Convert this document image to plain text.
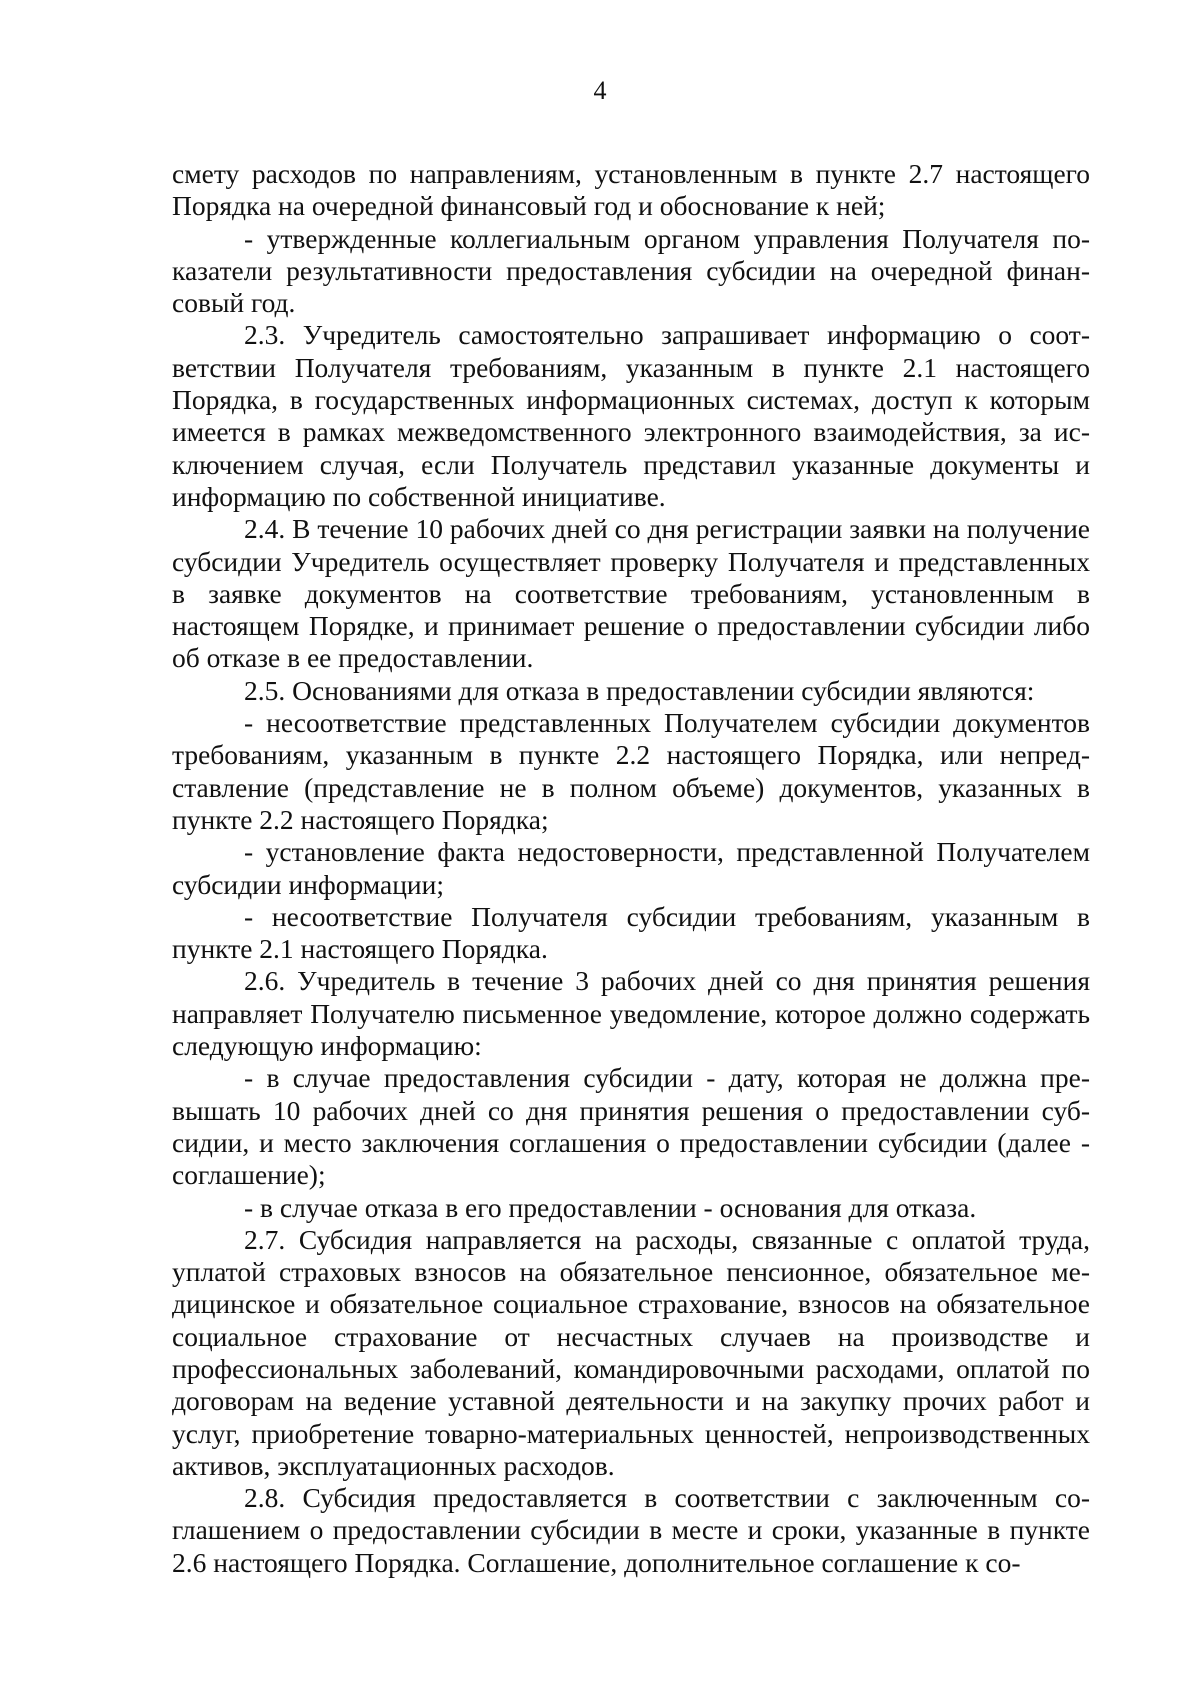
4

смету расходов по направлениям, установленным в пункте 2.7 настоящего Порядка на очередной финансовый год и обоснование к ней;

- утвержденные коллегиальным органом управления Получателя показатели результативности предоставления субсидии на очередной финансовый год.

2.3. Учредитель самостоятельно запрашивает информацию о соответствии Получателя требованиям, указанным в пункте 2.1 настоящего Порядка, в государственных информационных системах, доступ к которым имеется в рамках межведомственного электронного взаимодействия, за исключением случая, если Получатель представил указанные документы и информацию по собственной инициативе.

2.4. В течение 10 рабочих дней со дня регистрации заявки на получение субсидии Учредитель осуществляет проверку Получателя и представленных в заявке документов на соответствие требованиям, установленным в настоящем Порядке, и принимает решение о предоставлении субсидии либо об отказе в ее предоставлении.

2.5. Основаниями для отказа в предоставлении субсидии являются:

- несоответствие представленных Получателем субсидии документов требованиям, указанным в пункте 2.2 настоящего Порядка, или непредставление (представление не в полном объеме) документов, указанных в пункте 2.2 настоящего Порядка;

- установление факта недостоверности, представленной Получателем субсидии информации;

- несоответствие Получателя субсидии требованиям, указанным в пункте 2.1 настоящего Порядка.

2.6. Учредитель в течение 3 рабочих дней со дня принятия решения направляет Получателю письменное уведомление, которое должно содержать следующую информацию:

- в случае предоставления субсидии - дату, которая не должна превышать 10 рабочих дней со дня принятия решения о предоставлении субсидии, и место заключения соглашения о предоставлении субсидии (далее - соглашение);

- в случае отказа в его предоставлении - основания для отказа.

2.7. Субсидия направляется на расходы, связанные с оплатой труда, уплатой страховых взносов на обязательное пенсионное, обязательное медицинское и обязательное социальное страхование, взносов на обязательное социальное страхование от несчастных случаев на производстве и профессиональных заболеваний, командировочными расходами, оплатой по договорам на ведение уставной деятельности и на закупку прочих работ и услуг, приобретение товарно-материальных ценностей, непроизводственных активов, эксплуатационных расходов.

2.8. Субсидия предоставляется в соответствии с заключенным соглашением о предоставлении субсидии в месте и сроки, указанные в пункте 2.6 настоящего Порядка. Соглашение, дополнительное соглашение к со-
